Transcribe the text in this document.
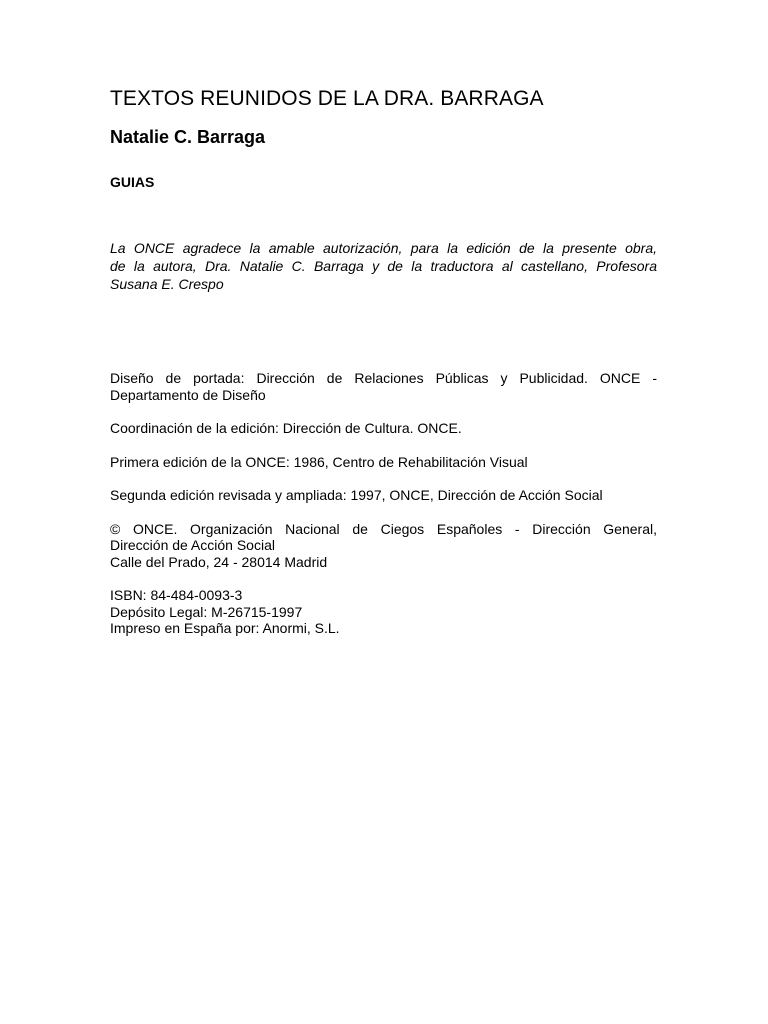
TEXTOS REUNIDOS DE LA DRA. BARRAGA
Natalie C. Barraga
GUIAS
La ONCE agradece la amable autorización, para la edición de la presente obra,
de la autora, Dra. Natalie C. Barraga y de la traductora al castellano, Profesora
Susana E. Crespo

Diseño de portada: Dirección de Relaciones Públicas y Publicidad. ONCE -
Departamento de Diseño

Coordinación de la edición: Dirección de Cultura. ONCE.

Primera edición de la ONCE: 1986, Centro de Rehabilitación Visual

Segunda edición revisada y ampliada: 1997, ONCE, Dirección de Acción Social

© ONCE. Organización Nacional de Ciegos Españoles - Dirección General,
Dirección de Acción Social
Calle del Prado, 24 - 28014 Madrid

ISBN: 84-484-0093-3
Depósito Legal: M-26715-1997
Impreso en España por: Anormi, S.L.
